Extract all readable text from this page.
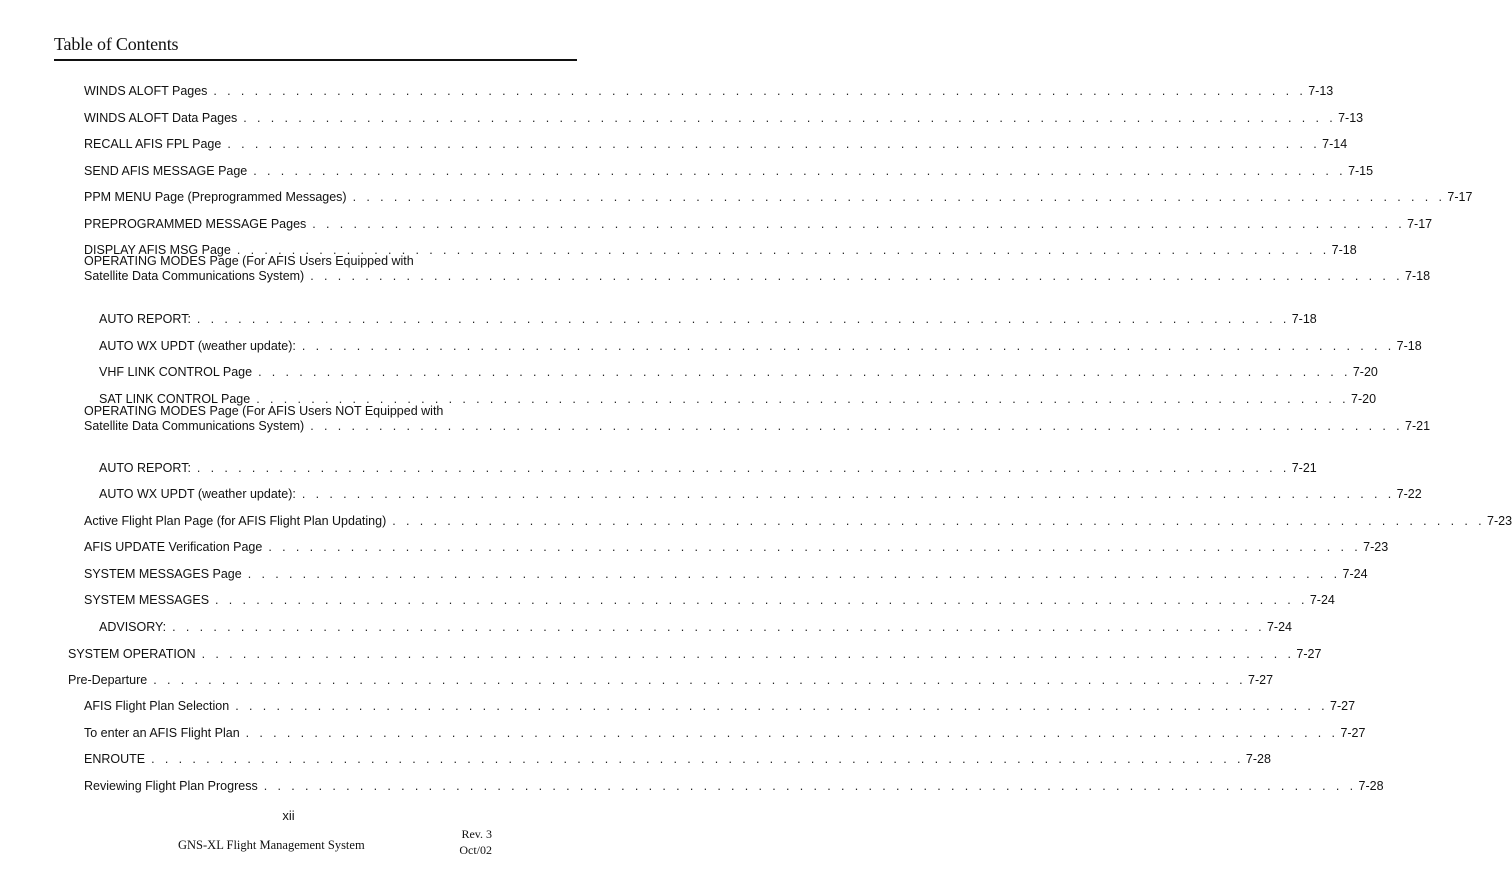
Table of Contents
WINDS ALOFT Pages . . . . . . . . . . . . . . . . . . . . . . . . . . . . . . . . . . . . . . . . . . . . . . . . . . . . . . . . . . . . . . . . . . . . . . . . . . . . . . . . 7-13
WINDS ALOFT Data Pages . . . . . . . . . . . . . . . . . . . . . . . . . . . . . . . . . . . . . . . . . . . . . . . . . . . . . . . . . . . . . . . . . . . . . . . . . . . . . . . . 7-13
RECALL AFIS FPL Page . . . . . . . . . . . . . . . . . . . . . . . . . . . . . . . . . . . . . . . . . . . . . . . . . . . . . . . . . . . . . . . . . . . . . . . . . . . . . . . . 7-14
SEND AFIS MESSAGE Page . . . . . . . . . . . . . . . . . . . . . . . . . . . . . . . . . . . . . . . . . . . . . . . . . . . . . . . . . . . . . . . . . . . . . . . . . . . . . . . . 7-15
PPM MENU Page (Preprogrammed Messages) . . . . . . . . . . . . . . . . . . . . . . . . . . . . . . . . . . . . . . . . . . . . . . . . . . . . . . . . . . . . . . . . . . . . . . . . . . . . . . . . 7-17
PREPROGRAMMED MESSAGE Pages . . . . . . . . . . . . . . . . . . . . . . . . . . . . . . . . . . . . . . . . . . . . . . . . . . . . . . . . . . . . . . . . . . . . . . . . . . . . . . . . 7-17
DISPLAY AFIS MSG Page . . . . . . . . . . . . . . . . . . . . . . . . . . . . . . . . . . . . . . . . . . . . . . . . . . . . . . . . . . . . . . . . . . . . . . . . . . . . . . . . 7-18
OPERATING MODES Page (For AFIS Users Equipped with
Satellite Data Communications System) . . . . . . . . . . . . . . . . . . . . . . . . . . . . . . . . . . . . . . . . . . . . . . . . . . . . . . . . . . . . . . . . . . . . . . . . . . . . . . . . 7-18
AUTO REPORT: . . . . . . . . . . . . . . . . . . . . . . . . . . . . . . . . . . . . . . . . . . . . . . . . . . . . . . . . . . . . . . . . . . . . . . . . . . . . . . . . 7-18
AUTO WX UPDT (weather update): . . . . . . . . . . . . . . . . . . . . . . . . . . . . . . . . . . . . . . . . . . . . . . . . . . . . . . . . . . . . . . . . . . . . . . . . . . . . . . . . 7-18
VHF LINK CONTROL Page . . . . . . . . . . . . . . . . . . . . . . . . . . . . . . . . . . . . . . . . . . . . . . . . . . . . . . . . . . . . . . . . . . . . . . . . . . . . . . . . 7-20
SAT LINK CONTROL Page . . . . . . . . . . . . . . . . . . . . . . . . . . . . . . . . . . . . . . . . . . . . . . . . . . . . . . . . . . . . . . . . . . . . . . . . . . . . . . . . 7-20
OPERATING MODES Page (For AFIS Users NOT Equipped with
Satellite Data Communications System) . . . . . . . . . . . . . . . . . . . . . . . . . . . . . . . . . . . . . . . . . . . . . . . . . . . . . . . . . . . . . . . . . . . . . . . . . . . . . . . . 7-21
AUTO REPORT: . . . . . . . . . . . . . . . . . . . . . . . . . . . . . . . . . . . . . . . . . . . . . . . . . . . . . . . . . . . . . . . . . . . . . . . . . . . . . . . . 7-21
AUTO WX UPDT (weather update): . . . . . . . . . . . . . . . . . . . . . . . . . . . . . . . . . . . . . . . . . . . . . . . . . . . . . . . . . . . . . . . . . . . . . . . . . . . . . . . . 7-22
Active Flight Plan Page (for AFIS Flight Plan Updating) . . . . . . . . . . . . . . . . . . . . . . . . . . . . . . . . . . . . . . . . . . . . . . . . . . . . . . . . . . . . . . . . . . . . . . . . . . . . . . . . 7-23
AFIS UPDATE Verification Page . . . . . . . . . . . . . . . . . . . . . . . . . . . . . . . . . . . . . . . . . . . . . . . . . . . . . . . . . . . . . . . . . . . . . . . . . . . . . . . . 7-23
SYSTEM MESSAGES Page . . . . . . . . . . . . . . . . . . . . . . . . . . . . . . . . . . . . . . . . . . . . . . . . . . . . . . . . . . . . . . . . . . . . . . . . . . . . . . . . 7-24
SYSTEM MESSAGES . . . . . . . . . . . . . . . . . . . . . . . . . . . . . . . . . . . . . . . . . . . . . . . . . . . . . . . . . . . . . . . . . . . . . . . . . . . . . . . . 7-24
ADVISORY: . . . . . . . . . . . . . . . . . . . . . . . . . . . . . . . . . . . . . . . . . . . . . . . . . . . . . . . . . . . . . . . . . . . . . . . . . . . . . . . . 7-24
SYSTEM OPERATION . . . . . . . . . . . . . . . . . . . . . . . . . . . . . . . . . . . . . . . . . . . . . . . . . . . . . . . . . . . . . . . . . . . . . . . . . . . . . . . . 7-27
Pre-Departure . . . . . . . . . . . . . . . . . . . . . . . . . . . . . . . . . . . . . . . . . . . . . . . . . . . . . . . . . . . . . . . . . . . . . . . . . . . . . . . . 7-27
AFIS Flight Plan Selection . . . . . . . . . . . . . . . . . . . . . . . . . . . . . . . . . . . . . . . . . . . . . . . . . . . . . . . . . . . . . . . . . . . . . . . . . . . . . . . . 7-27
To enter an AFIS Flight Plan . . . . . . . . . . . . . . . . . . . . . . . . . . . . . . . . . . . . . . . . . . . . . . . . . . . . . . . . . . . . . . . . . . . . . . . . . . . . . . . . 7-27
ENROUTE . . . . . . . . . . . . . . . . . . . . . . . . . . . . . . . . . . . . . . . . . . . . . . . . . . . . . . . . . . . . . . . . . . . . . . . . . . . . . . . . 7-28
Reviewing Flight Plan Progress . . . . . . . . . . . . . . . . . . . . . . . . . . . . . . . . . . . . . . . . . . . . . . . . . . . . . . . . . . . . . . . . . . . . . . . . . . . . . . . . 7-28
xii
GNS-XL Flight Management System
Rev. 3
Oct/02
